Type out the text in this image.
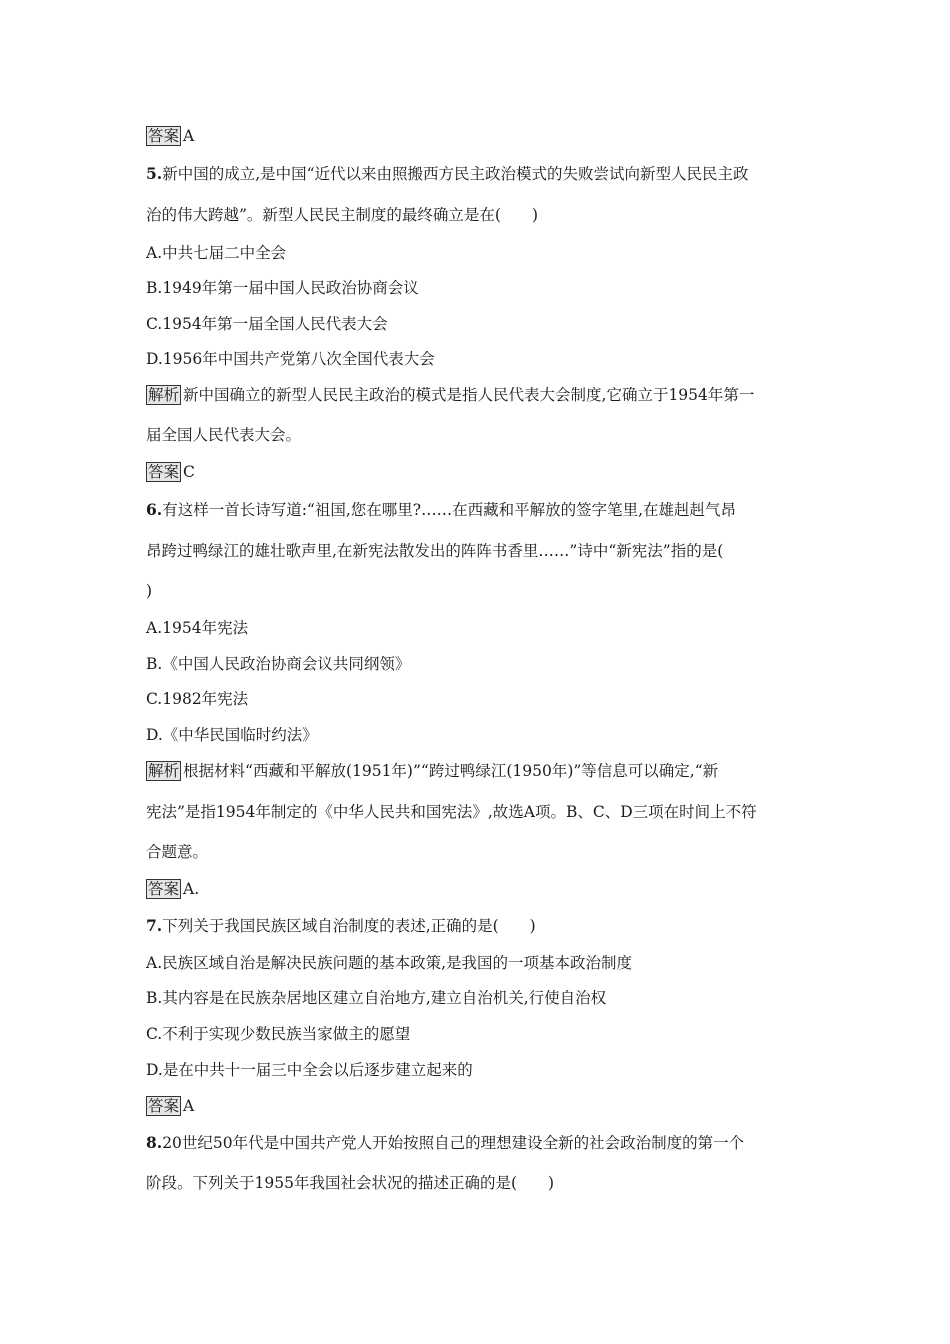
答案 A
5.新中国的成立,是中国“近代以来由照搬西方民主政治模式的失败尝试向新型人民民主政
治的伟大跨越”。新型人民民主制度的最终确立是在(　　)
A.中共七届二中全会
B.1949年第一届中国人民政治协商会议
C.1954年第一届全国人民代表大会
D.1956年中国共产党第八次全国代表大会
解析 新中国确立的新型人民民主政治的模式是指人民代表大会制度,它确立于1954年第一
届全国人民代表大会。
答案 C
6.有这样一首长诗写道:“祖国,您在哪里?……在西藏和平解放的签字笔里,在雄赳赳气昂
昂跨过鸭绿江的雄壮歌声里,在新宪法散发出的阵阵书香里……”诗中“新宪法”指的是(
)
A.1954年宪法
B.《中国人民政治协商会议共同纲领》
C.1982年宪法
D.《中华民国临时约法》
解析 根据材料“西藏和平解放(1951年)”“跨过鸭绿江(1950年)”等信息可以确定,“新
宪法”是指1954年制定的《中华人民共和国宪法》,故选A项。B、C、D三项在时间上不符
合题意。
答案 A.
7.下列关于我国民族区域自治制度的表述,正确的是(　　)
A.民族区域自治是解决民族问题的基本政策,是我国的一项基本政治制度
B.其内容是在民族杂居地区建立自治地方,建立自治机关,行使自治权
C.不利于实现少数民族当家做主的愿望
D.是在中共十一届三中全会以后逐步建立起来的
答案 A
8.20世纪50年代是中国共产党人开始按照自己的理想建设全新的社会政治制度的第一个
阶段。下列关于1955年我国社会状况的描述正确的是(　　)
